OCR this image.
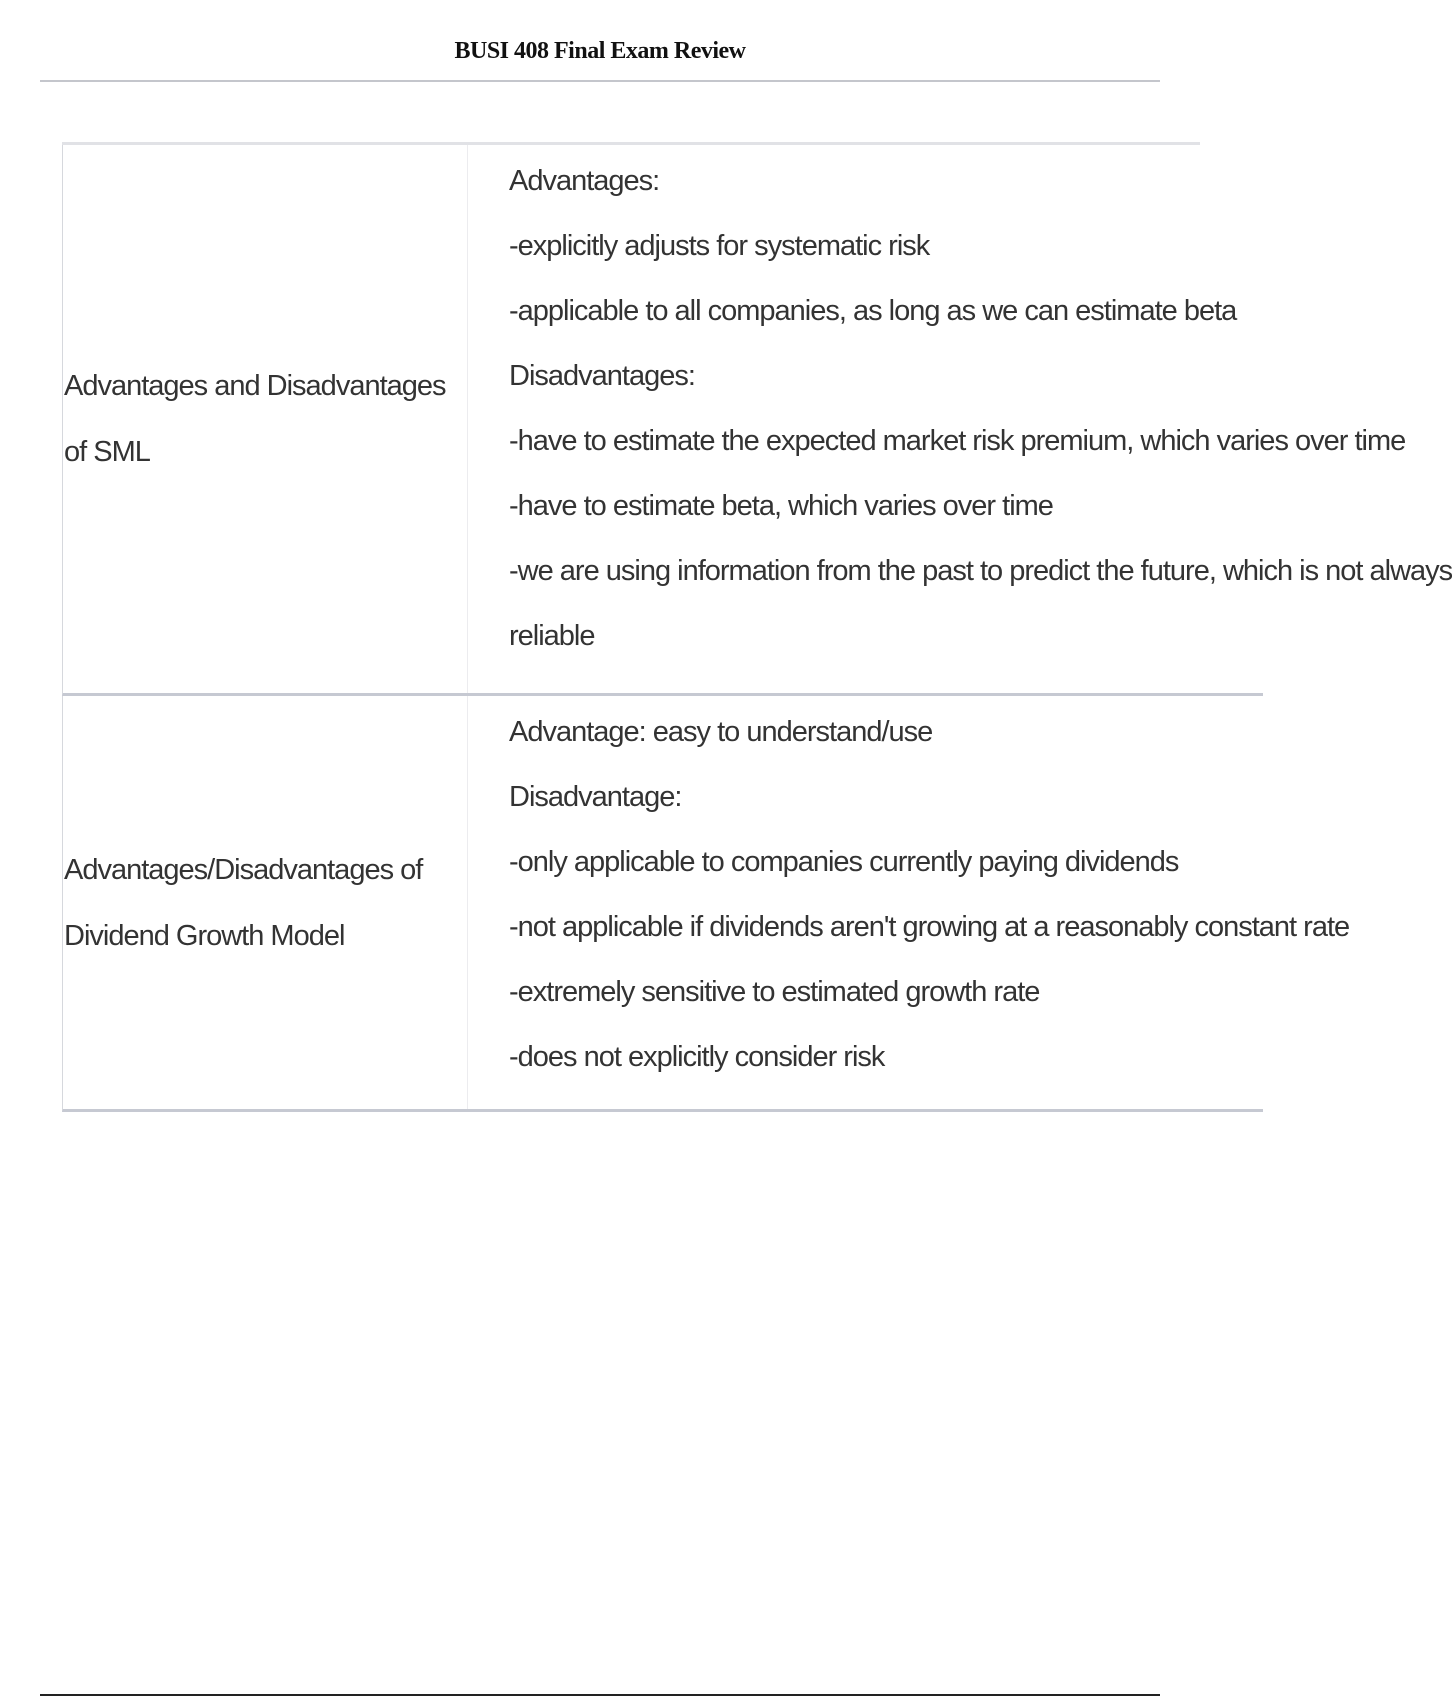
BUSI 408 Final Exam Review
Advantages and Disadvantages of SML
Advantages:
-explicitly adjusts for systematic risk
-applicable to all companies, as long as we can estimate beta
Disadvantages:
-have to estimate the expected market risk premium, which varies over time
-have to estimate beta, which varies over time
-we are using information from the past to predict the future, which is not always
reliable
Advantages/Disadvantages of Dividend Growth Model
Advantage: easy to understand/use
Disadvantage:
-only applicable to companies currently paying dividends
-not applicable if dividends aren't growing at a reasonably constant rate
-extremely sensitive to estimated growth rate
-does not explicitly consider risk
